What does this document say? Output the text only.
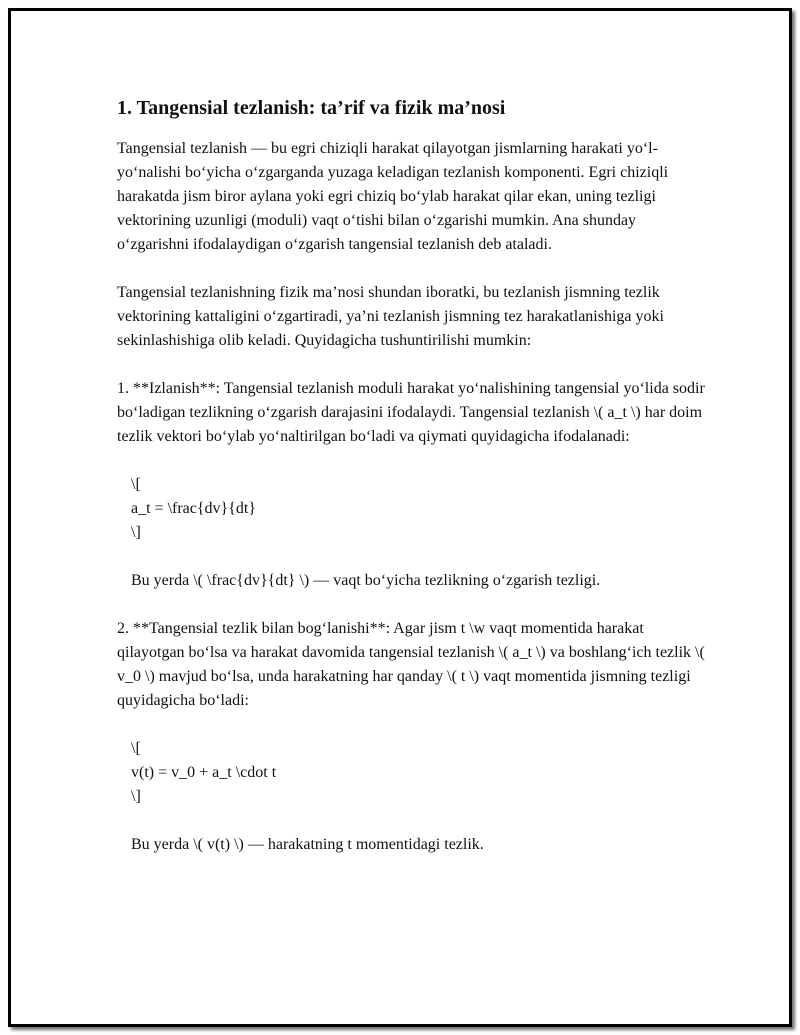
1. Tangensial tezlanish: ta’rif va fizik ma’nosi

Tangensial tezlanish — bu egri chiziqli harakat qilayotgan jismlarning harakati yo‘l-yo‘nalishi bo‘yicha o‘zgarganda yuzaga keladigan tezlanish komponenti. Egri chiziqli harakatda jism biror aylana yoki egri chiziq bo‘ylab harakat qilar ekan, uning tezligi vektorining uzunligi (moduli) vaqt o‘tishi bilan o‘zgarishi mumkin. Ana shunday o‘zgarishni ifodalaydigan o‘zgarish tangensial tezlanish deb ataladi.

Tangensial tezlanishning fizik ma’nosi shundan iboratki, bu tezlanish jismning tezlik vektorining kattaligini o‘zgartiradi, ya’ni tezlanish jismning tez harakatlanishiga yoki sekinlashishiga olib keladi. Quyidagicha tushuntirilishi mumkin:

1. **Izlanish**: Tangensial tezlanish moduli harakat yo‘nalishining tangensial yo‘lida sodir bo‘ladigan tezlikning o‘zgarish darajasini ifodalaydi. Tangensial tezlanish \( a_t \) har doim tezlik vektori bo‘ylab yo‘naltirilgan bo‘ladi va qiymati quyidagicha ifodalanadi:

\[

a_t = \frac{dv}{dt}

\]

Bu yerda \( \frac{dv}{dt} \) — vaqt bo‘yicha tezlikning o‘zgarish tezligi.

2. **Tangensial tezlik bilan bog‘lanishi**: Agar jism t \w vaqt momentida harakat qilayotgan bo‘lsa va harakat davomida tangensial tezlanish \( a_t \) va boshlang‘ich tezlik \( v_0 \) mavjud bo‘lsa, unda harakatning har qanday \( t \) vaqt momentida jismning tezligi quyidagicha bo‘ladi:

\[

v(t) = v_0 + a_t \cdot t

\]

Bu yerda \( v(t) \) — harakatning t momentidagi tezlik.
